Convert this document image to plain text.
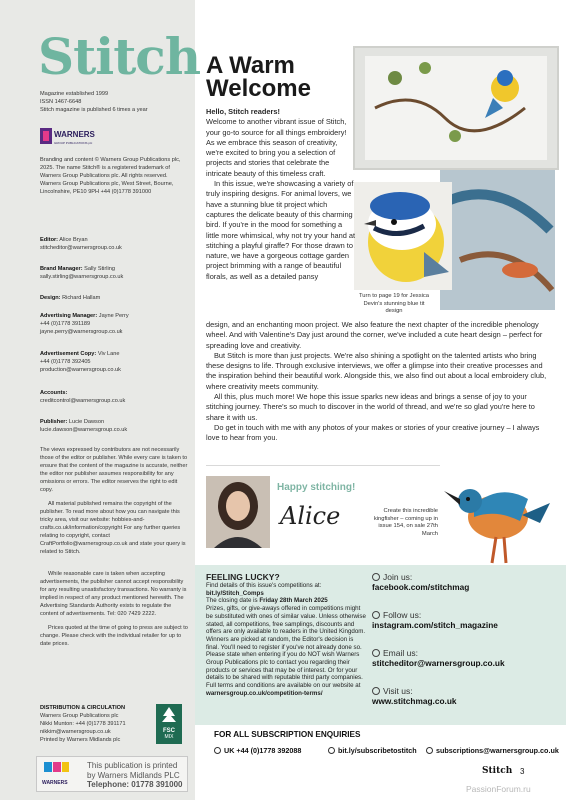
Stitch
Magazine established 1999
ISSN 1467-6648
Stitch magazine is published 6 times a year
WARNERS
GROUP PUBLICATIONS plc
Branding and content © Warners Group Publications plc, 2025. The name Stitch® is a registered trademark of Warners Group Publications plc. All rights reserved. Warners Group Publications plc, West Street, Bourne, Lincolnshire, PE10 9PH +44 (0)1778 391000
Editor: Alice Bryan
stitcheditor@warnersgroup.co.uk
Brand Manager: Sally Stirling
sally.stirling@warnersgroup.co.uk
Design: Richard Hallam
Advertising Manager: Jayne Perry
+44 (0)1778 391189
jayne.perry@warnersgroup.co.uk
Advertisement Copy: Viv Lane
+44 (0)1778 392405
production@warnersgroup.co.uk
Accounts:
creditcontrol@warnersgroup.co.uk
Publisher: Lucie Dawson
lucie.dawson@warnersgroup.co.uk
The views expressed by contributors are not necessarily those of the editor or publisher. While every care is taken to ensure that the content of the magazine is accurate, neither the editor nor publisher assumes responsibility for any omissions or errors. The editor reserves the right to edit copy.
All material published remains the copyright of the publisher. To read more about how you can navigate this tricky area, visit our website: hobbies-and-crafts.co.uk/information/copyright For any further queries relating to copyright, contact CraftPortfolio@warnersgroup.co.uk and state your query is related to Stitch.
While reasonable care is taken when accepting advertisements, the publisher cannot accept responsibility for any resulting unsatisfactory transactions. No warranty is implied in respect of any product mentioned herewith. The Advertising Standards Authority exists to regulate the content of advertisements. Tel: 020 7429 2222.
Prices quoted at the time of going to press are subject to change. Please check with the individual retailer for up to date prices.
DISTRIBUTION & CIRCULATION
Warners Group Publications plc
Nikki Munton: +44 (0)1778 391171
nikkim@warnersgroup.co.uk
Printed by Warners Midlands plc
FSC
MIX
WARNERS
This publication is printed
by Warners Midlands PLC
Telephone: 01778 391000
A Warm
Welcome
Turn to page 19 for Jessica Devin's stunning blue tit design

Hello, Stitch readers!

Welcome to another vibrant issue of Stitch, your go-to source for all things embroidery! As we embrace this season of creativity, we're excited to bring you a selection of projects and stories that celebrate the intricate beauty of this timeless craft.

In this issue, we're showcasing a variety of truly inspiring designs. For animal lovers, we have a stunning blue tit project which captures the delicate beauty of this charming bird. If you're in the mood for something a little more whimsical, why not try your hand at stitching a playful giraffe? For those drawn to nature, we have a gorgeous cottage garden project brimming with a range of beautiful florals, as well as a detailed pansy

design, and an enchanting moon project. We also feature the next chapter of the incredible phenology wheel. And with Valentine's Day just around the corner, we've included a cute heart design – perfect for spreading love and creativity.

But Stitch is more than just projects. We're also shining a spotlight on the talented artists who bring these designs to life. Through exclusive interviews, we offer a glimpse into their creative processes and the inspiration behind their beautiful work. Alongside this, we also find out about a local embroidery club, where creativity meets community.

All this, plus much more! We hope this issue sparks new ideas and brings a sense of joy to your stitching journey. There's so much to discover in the world of thread, and we're so glad you're here to share it with us.

Do get in touch with me with any photos of your makes or stories of your creative journey – I always love to hear from you.

Happy stitching!
Alice	Create this incredible kingfisher – coming up in issue 154, on sale 27th March
FEELING LUCKY?
Find details of this issue's competitions at:
bit.ly/Stitch_Comps
The closing date is Friday 28th March 2025
Prizes, gifts, or give-aways offered in competitions might be substituted with ones of similar value. Unless otherwise stated, all competitions, free samplings, discounts and offers are only available to readers in the United Kingdom. Winners are picked at random, the Editor's decision is final. You'll need to register if you've not already done so. Please state when entering if you do NOT wish Warners Group Publications plc to contact you regarding their products or services that may be of interest. Or for your details to be shared with reputable third party companies. Full terms and conditions are available on our website at
warnersgroup.co.uk/competition-terms/
Join us:
facebook.com/stitchmag
Follow us:
instagram.com/stitch_magazine
Email us:
stitcheditor@warnersgroup.co.uk
Visit us:
www.stitchmag.co.uk
FOR ALL SUBSCRIPTION ENQUIRIES
UK +44 (0)1778 392088	bit.ly/subscribetostitch	subscriptions@warnersgroup.co.uk
Stitch 3
PassionForum.ru
